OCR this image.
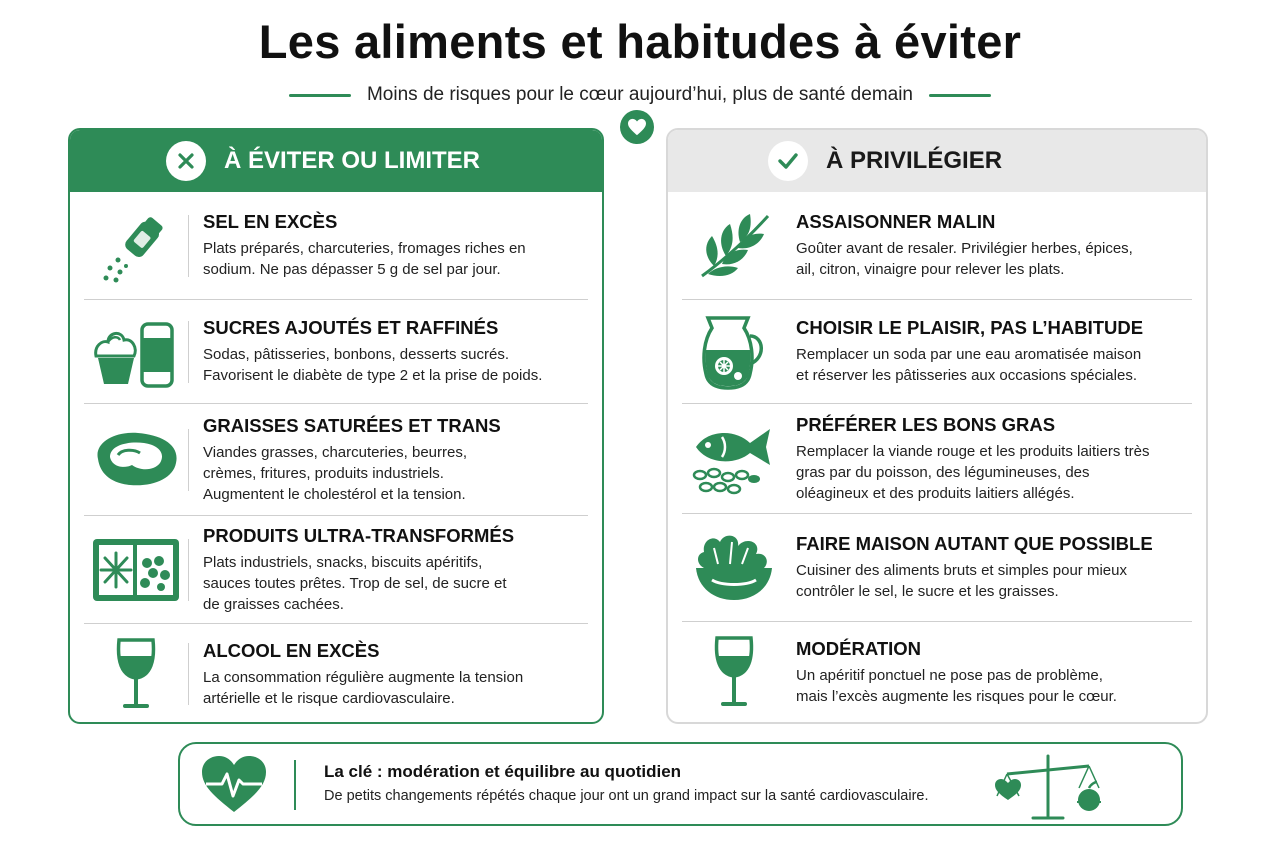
Les aliments et habitudes à éviter
Moins de risques pour le cœur aujourd’hui, plus de santé demain
À ÉVITER OU LIMITER
SEL EN EXCÈS
Plats préparés, charcuteries, fromages riches en sodium. Ne pas dépasser 5 g de sel par jour.
SUCRES AJOUTÉS ET RAFFINÉS
Sodas, pâtisseries, bonbons, desserts sucrés. Favorisent le diabète de type 2 et la prise de poids.
GRAISSES SATURÉES ET TRANS
Viandes grasses, charcuteries, beurres, crèmes, fritures, produits industriels. Augmentent le cholestérol et la tension.
PRODUITS ULTRA-TRANSFORMÉS
Plats industriels, snacks, biscuits apéritifs, sauces toutes prêtes. Trop de sel, de sucre et de graisses cachées.
ALCOOL EN EXCÈS
La consommation régulière augmente la tension artérielle et le risque cardiovasculaire.
À PRIVILÉGIER
ASSAISONNER MALIN
Goûter avant de resaler. Privilégier herbes, épices, ail, citron, vinaigre pour relever les plats.
CHOISIR LE PLAISIR, PAS L’HABITUDE
Remplacer un soda par une eau aromatisée maison et réserver les pâtisseries aux occasions spéciales.
PRÉFÉRER LES BONS GRAS
Remplacer la viande rouge et les produits laitiers très gras par du poisson, des légumineuses, des oléagineux et des produits laitiers allégés.
FAIRE MAISON AUTANT QUE POSSIBLE
Cuisiner des aliments bruts et simples pour mieux contrôler le sel, le sucre et les graisses.
MODÉRATION
Un apéritif ponctuel ne pose pas de problème, mais l’excès augmente les risques pour le cœur.
La clé : modération et équilibre au quotidien
De petits changements répétés chaque jour ont un grand impact sur la santé cardiovasculaire.
